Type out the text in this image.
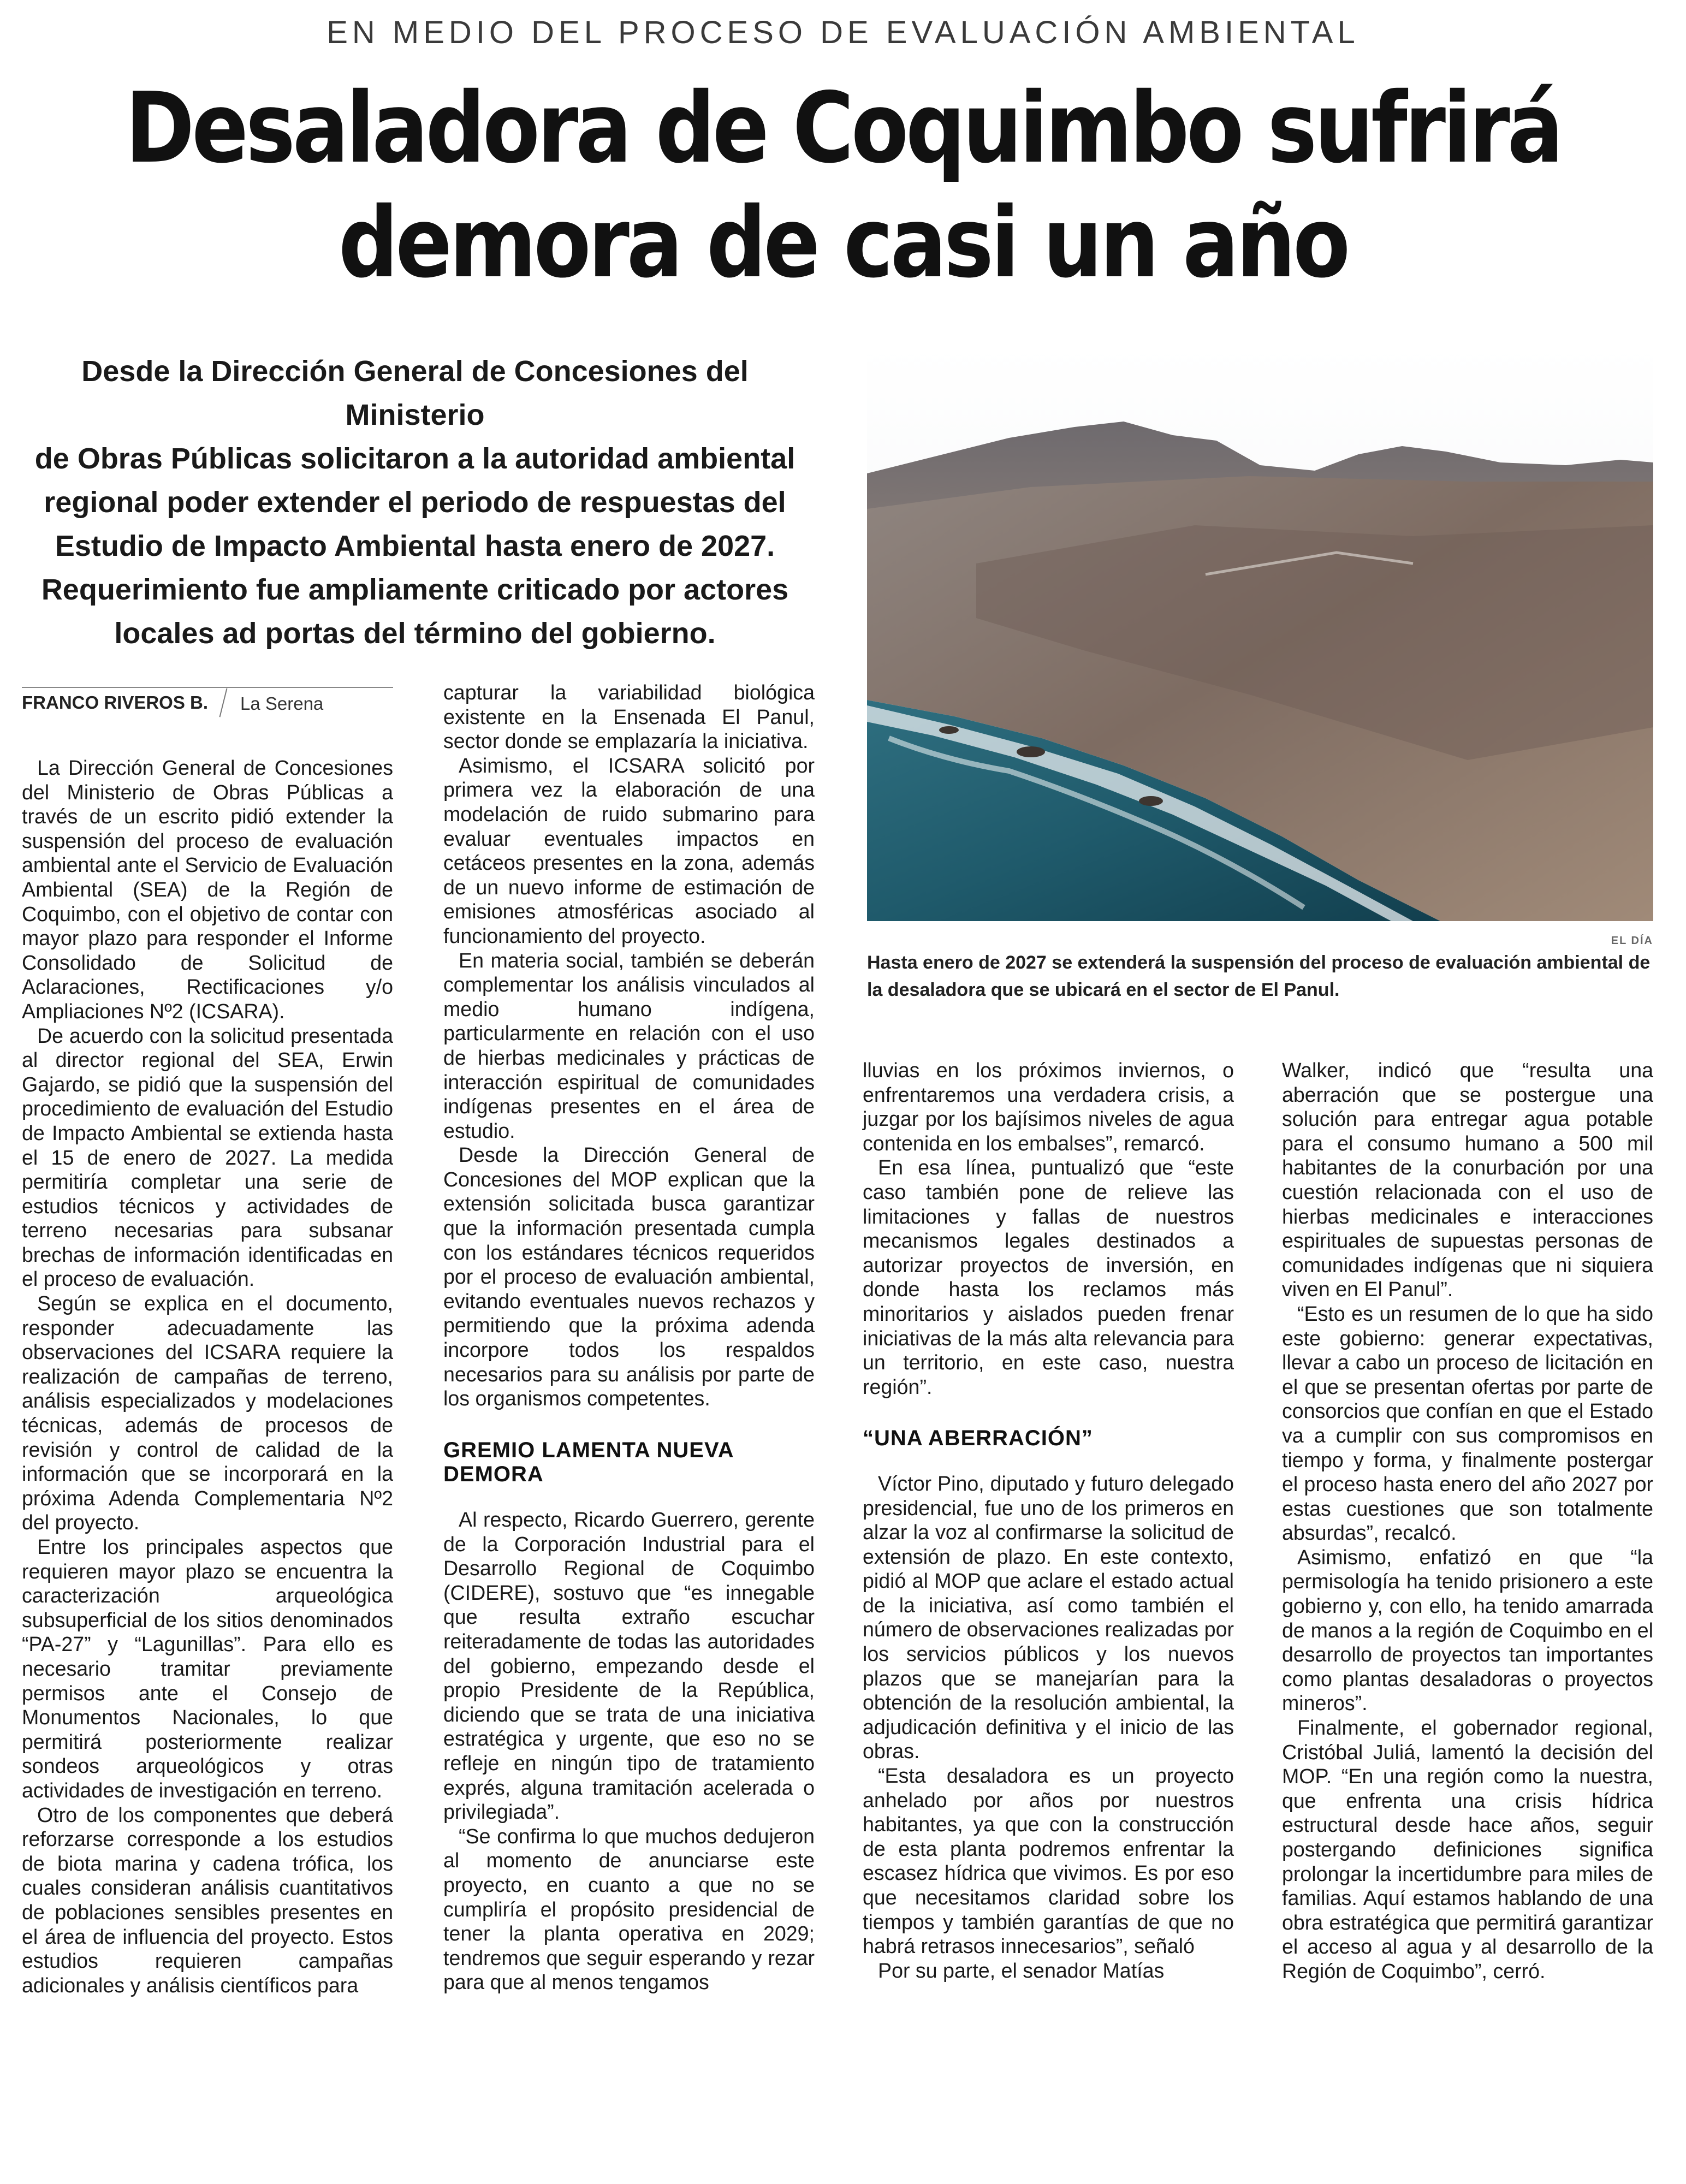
EN MEDIO DEL PROCESO DE EVALUACIÓN AMBIENTAL
Desaladora de Coquimbo sufrirá
demora de casi un año
Desde la Dirección General de Concesiones del Ministerio
de Obras Públicas solicitaron a la autoridad ambiental
regional poder extender el periodo de respuestas del
Estudio de Impacto Ambiental hasta enero de 2027.
Requerimiento fue ampliamente criticado por actores
locales ad portas del término del gobierno.
EL DÍA
Hasta enero de 2027 se extenderá la suspensión del proceso de evaluación ambiental de la desaladora que se ubicará en el sector de El Panul.
FRANCO RIVEROS B. La Serena

La Dirección General de Concesiones del Ministerio de Obras Públicas a través de un escrito pidió extender la suspensión del proceso de evaluación ambiental ante el Servicio de Evaluación Ambiental (SEA) de la Región de Coquimbo, con el objetivo de contar con mayor plazo para responder el Informe Consolidado de Solicitud de Aclaraciones, Rectificaciones y/o Ampliaciones Nº2 (ICSARA).

De acuerdo con la solicitud presentada al director regional del SEA, Erwin Gajardo, se pidió que la suspensión del procedimiento de evaluación del Estudio de Impacto Ambiental se extienda hasta el 15 de enero de 2027. La medida permitiría completar una serie de estudios técnicos y actividades de terreno necesarias para subsanar brechas de información identificadas en el proceso de evaluación.

Según se explica en el documento, responder adecuadamente las observaciones del ICSARA requiere la realización de campañas de terreno, análisis especializados y modelaciones técnicas, además de procesos de revisión y control de calidad de la información que se incorporará en la próxima Adenda Complementaria Nº2 del proyecto.

Entre los principales aspectos que requieren mayor plazo se encuentra la caracterización arqueológica subsuperficial de los sitios denominados “PA-27” y “Lagunillas”. Para ello es necesario tramitar previamente permisos ante el Consejo de Monumentos Nacionales, lo que permitirá posteriormente realizar sondeos arqueológicos y otras actividades de investigación en terreno.

Otro de los componentes que deberá reforzarse corresponde a los estudios de biota marina y cadena trófica, los cuales consideran análisis cuantitativos de poblaciones sensibles presentes en el área de influencia del proyecto. Estos estudios requieren campañas adicionales y análisis científicos para

capturar la variabilidad biológica existente en la Ensenada El Panul, sector donde se emplazaría la iniciativa.

Asimismo, el ICSARA solicitó por primera vez la elaboración de una modelación de ruido submarino para evaluar eventuales impactos en cetáceos presentes en la zona, además de un nuevo informe de estimación de emisiones atmosféricas asociado al funcionamiento del proyecto.

En materia social, también se deberán complementar los análisis vinculados al medio humano indígena, particularmente en relación con el uso de hierbas medicinales y prácticas de interacción espiritual de comunidades indígenas presentes en el área de estudio.

Desde la Dirección General de Concesiones del MOP explican que la extensión solicitada busca garantizar que la información presentada cumpla con los estándares técnicos requeridos por el proceso de evaluación ambiental, evitando eventuales nuevos rechazos y permitiendo que la próxima adenda incorpore todos los respaldos necesarios para su análisis por parte de los organismos competentes.

GREMIO LAMENTA NUEVA DEMORA

Al respecto, Ricardo Guerrero, gerente de la Corporación Industrial para el Desarrollo Regional de Coquimbo (CIDERE), sostuvo que “es innegable que resulta extraño escuchar reiteradamente de todas las autoridades del gobierno, empezando desde el propio Presidente de la República, diciendo que se trata de una iniciativa estratégica y urgente, que eso no se refleje en ningún tipo de tratamiento exprés, alguna tramitación acelerada o privilegiada”.

“Se confirma lo que muchos dedujeron al momento de anunciarse este proyecto, en cuanto a que no se cumpliría el propósito presidencial de tener la planta operativa en 2029; tendremos que seguir esperando y rezar para que al menos tengamos

lluvias en los próximos inviernos, o enfrentaremos una verdadera crisis, a juzgar por los bajísimos niveles de agua contenida en los embalses”, remarcó.

En esa línea, puntualizó que “este caso también pone de relieve las limitaciones y fallas de nuestros mecanismos legales destinados a autorizar proyectos de inversión, en donde hasta los reclamos más minoritarios y aislados pueden frenar iniciativas de la más alta relevancia para un territorio, en este caso, nuestra región”.

“UNA ABERRACIÓN”

Víctor Pino, diputado y futuro delegado presidencial, fue uno de los primeros en alzar la voz al confirmarse la solicitud de extensión de plazo. En este contexto, pidió al MOP que aclare el estado actual de la iniciativa, así como también el número de observaciones realizadas por los servicios públicos y los nuevos plazos que se manejarían para la obtención de la resolución ambiental, la adjudicación definitiva y el inicio de las obras.

“Esta desaladora es un proyecto anhelado por años por nuestros habitantes, ya que con la construcción de esta planta podremos enfrentar la escasez hídrica que vivimos. Es por eso que necesitamos claridad sobre los tiempos y también garantías de que no habrá retrasos innecesarios”, señaló

Por su parte, el senador Matías

Walker, indicó que “resulta una aberración que se postergue una solución para entregar agua potable para el consumo humano a 500 mil habitantes de la conurbación por una cuestión relacionada con el uso de hierbas medicinales e interacciones espirituales de supuestas personas de comunidades indígenas que ni siquiera viven en El Panul”.

“Esto es un resumen de lo que ha sido este gobierno: generar expectativas, llevar a cabo un proceso de licitación en el que se presentan ofertas por parte de consorcios que confían en que el Estado va a cumplir con sus compromisos en tiempo y forma, y finalmente postergar el proceso hasta enero del año 2027 por estas cuestiones que son totalmente absurdas”, recalcó.

Asimismo, enfatizó en que “la permisología ha tenido prisionero a este gobierno y, con ello, ha tenido amarrada de manos a la región de Coquimbo en el desarrollo de proyectos tan importantes como plantas desaladoras o proyectos mineros”.

Finalmente, el gobernador regional, Cristóbal Juliá, lamentó la decisión del MOP. “En una región como la nuestra, que enfrenta una crisis hídrica estructural desde hace años, seguir postergando definiciones significa prolongar la incertidumbre para miles de familias. Aquí estamos hablando de una obra estratégica que permitirá garantizar el acceso al agua y al desarrollo de la Región de Coquimbo”, cerró.
